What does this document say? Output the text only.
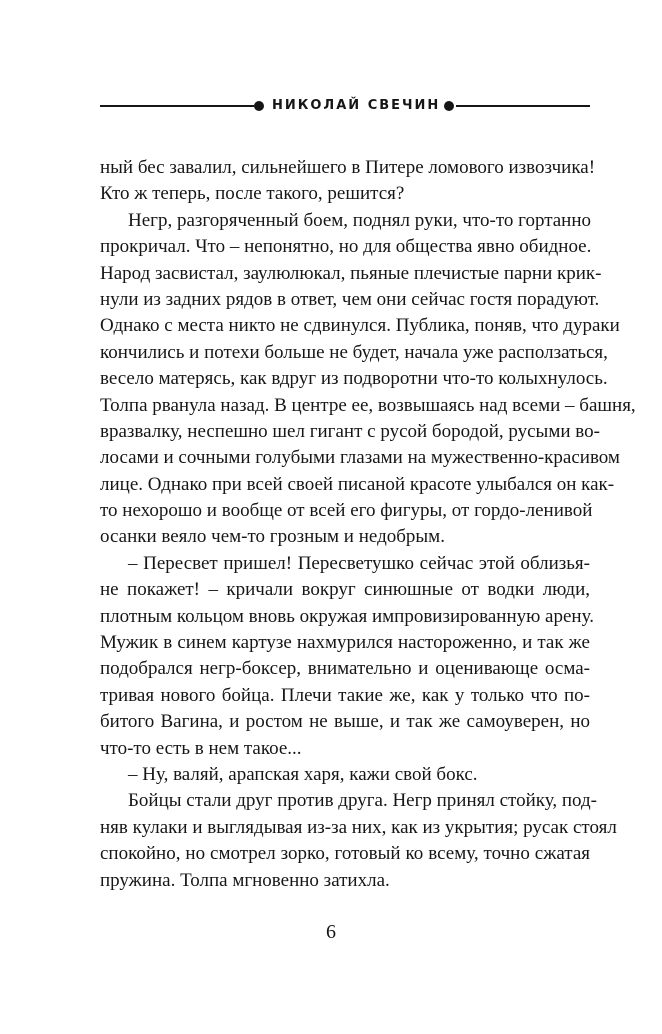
НИКОЛАЙ СВЕЧИН
ный бес завалил, сильнейшего в Питере ломового извозчика!
Кто ж теперь, после такого, решится?
Негр, разгоряченный боем, поднял руки, что-то гортанно
прокричал. Что – непонятно, но для общества явно обидное.
Народ засвистал, заулюлюкал, пьяные плечистые парни крик-
нули из задних рядов в ответ, чем они сейчас гостя порадуют.
Однако с места никто не сдвинулся. Публика, поняв, что дураки
кончились и потехи больше не будет, начала уже расползаться,
весело матерясь, как вдруг из подворотни что-то колыхнулось.
Толпа рванула назад. В центре ее, возвышаясь над всеми – башня,
вразвалку, неспешно шел гигант с русой бородой, русыми во-
лосами и сочными голубыми глазами на мужественно-красивом
лице. Однако при всей своей писаной красоте улыбался он как-
то нехорошо и вообще от всей его фигуры, от гордо-ленивой
осанки веяло чем-то грозным и недобрым.
– Пересвет пришел! Пересветушко сейчас этой облизья-
не покажет! – кричали вокруг синюшные от водки люди,
плотным кольцом вновь окружая импровизированную арену.
Мужик в синем картузе нахмурился настороженно, и так же
подобрался негр-боксер, внимательно и оценивающе осма-
тривая нового бойца. Плечи такие же, как у только что по-
битого Вагина, и ростом не выше, и так же самоуверен, но
что-то есть в нем такое...
– Ну, валяй, арапская харя, кажи свой бокс.
Бойцы стали друг против друга. Негр принял стойку, под-
няв кулаки и выглядывая из-за них, как из укрытия; русак стоял
спокойно, но смотрел зорко, готовый ко всему, точно сжатая
пружина. Толпа мгновенно затихла.
6
